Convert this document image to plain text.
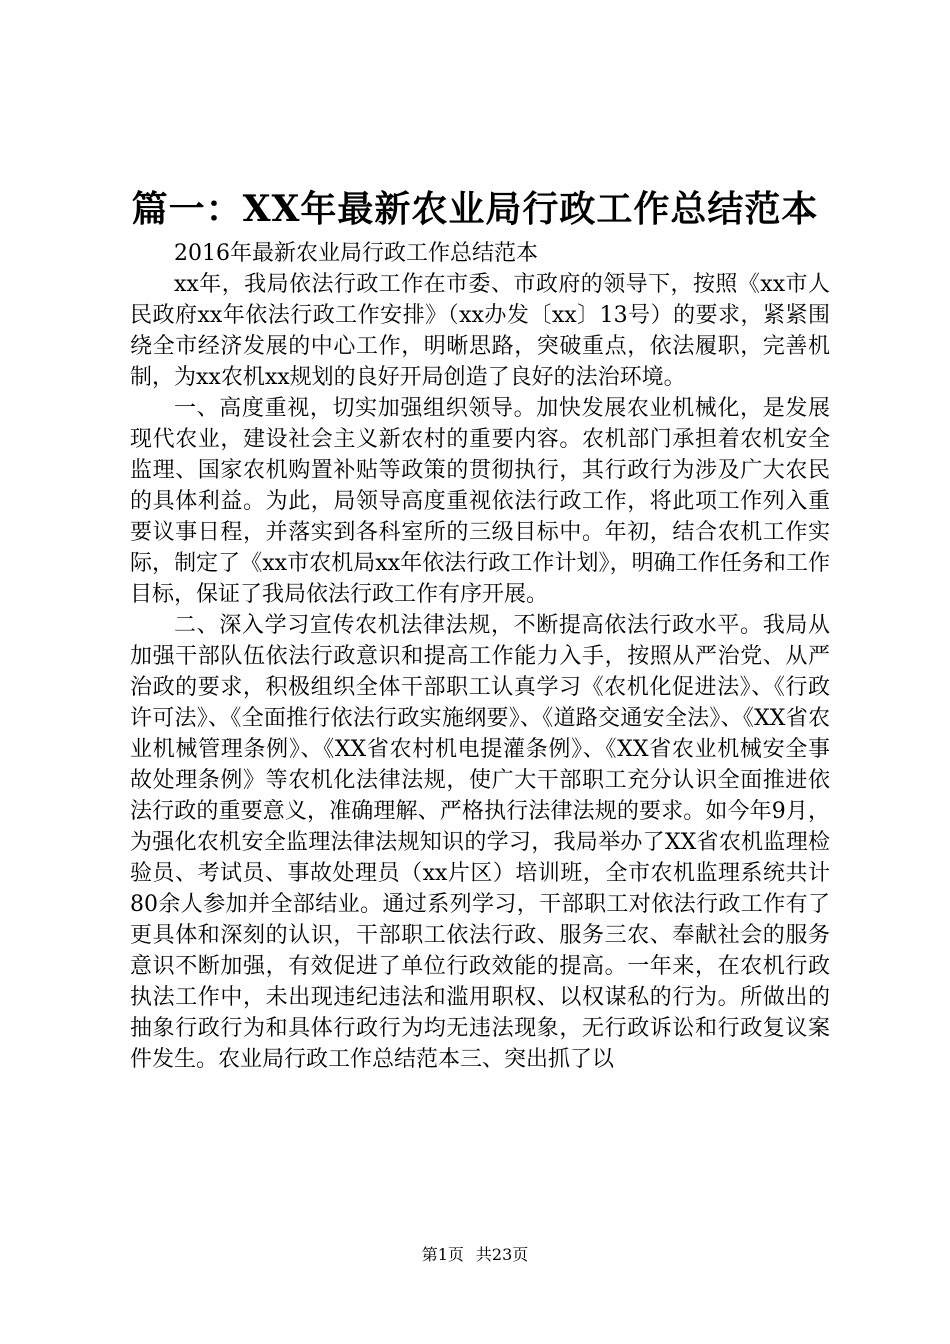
篇一：XX年最新农业局行政工作总结范本

2016年最新农业局行政工作总结范本

xx年，我局依法行政工作在市委、市政府的领导下，按照《xx市人民政府xx年依法行政工作安排》（xx办发〔xx〕13号）的要求，紧紧围绕全市经济发展的中心工作，明晰思路，突破重点，依法履职，完善机制，为xx农机xx规划的良好开局创造了良好的法治环境。

一、高度重视，切实加强组织领导。加快发展农业机械化，是发展现代农业，建设社会主义新农村的重要内容。农机部门承担着农机安全监理、国家农机购置补贴等政策的贯彻执行，其行政行为涉及广大农民的具体利益。为此，局领导高度重视依法行政工作，将此项工作列入重要议事日程，并落实到各科室所的三级目标中。年初，结合农机工作实际，制定了《xx市农机局xx年依法行政工作计划》，明确工作任务和工作目标，保证了我局依法行政工作有序开展。

二、深入学习宣传农机法律法规，不断提高依法行政水平。我局从加强干部队伍依法行政意识和提高工作能力入手，按照从严治党、从严治政的要求，积极组织全体干部职工认真学习《农机化促进法》、《行政许可法》、《全面推行依法行政实施纲要》、《道路交通安全法》、《XX省农业机械管理条例》、《XX省农村机电提灌条例》、《XX省农业机械安全事故处理条例》等农机化法律法规，使广大干部职工充分认识全面推进依法行政的重要意义，准确理解、严格执行法律法规的要求。如今年9月，为强化农机安全监理法律法规知识的学习，我局举办了XX省农机监理检验员、考试员、事故处理员（xx片区）培训班，全市农机监理系统共计80余人参加并全部结业。通过系列学习，干部职工对依法行政工作有了更具体和深刻的认识，干部职工依法行政、服务三农、奉献社会的服务意识不断加强，有效促进了单位行政效能的提高。一年来，在农机行政执法工作中，未出现违纪违法和滥用职权、以权谋私的行为。所做出的抽象行政行为和具体行政行为均无违法现象，无行政诉讼和行政复议案件发生。农业局行政工作总结范本三、突出抓了以

第1页 共23页
